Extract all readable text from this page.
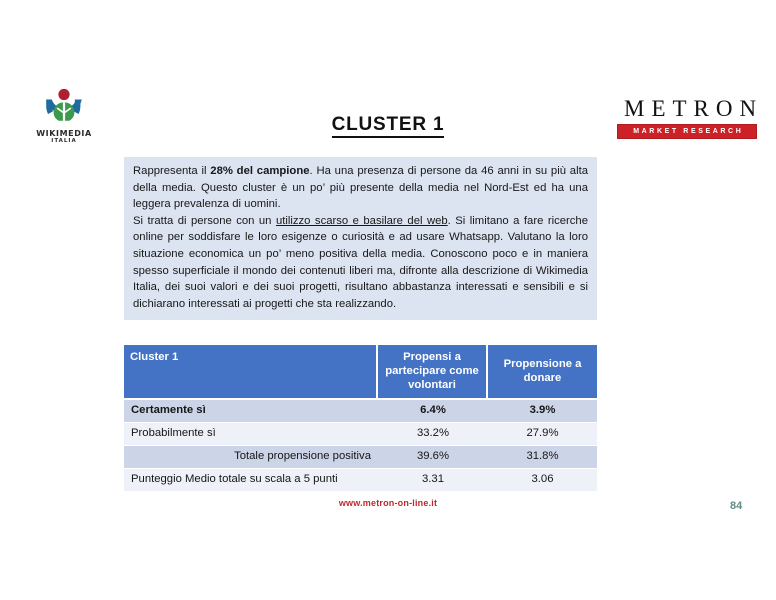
WIKIMEDIA
ITALIA
CLUSTER 1
METRON
MARKET RESEARCH

Rappresenta il 28% del campione. Ha una presenza di persone da 46 anni in su più alta della media. Questo cluster è un po’ più presente della media nel Nord-Est ed ha una leggera prevalenza di uomini.

Si tratta di persone con un utilizzo scarso e basilare del web. Si limitano a fare ricerche online per soddisfare le loro esigenze o curiosità e ad usare Whatsapp. Valutano la loro situazione economica un po’ meno positiva della media. Conoscono poco e in maniera spesso superficiale il mondo dei contenuti liberi ma, difronte alla descrizione di Wikimedia Italia, dei suoi valori e dei suoi progetti, risultano abbastanza interessati e sensibili e si dichiarano interessati ai progetti che sta realizzando.

Cluster 1	Propensi a partecipare come volontari	Propensione a donare
Certamente sì	6.4%	3.9%
Probabilmente sì	33.2%	27.9%
Totale propensione positiva	39.6%	31.8%
Punteggio Medio totale su scala a 5 punti	3.31	3.06
www.metron-on-line.it	84
